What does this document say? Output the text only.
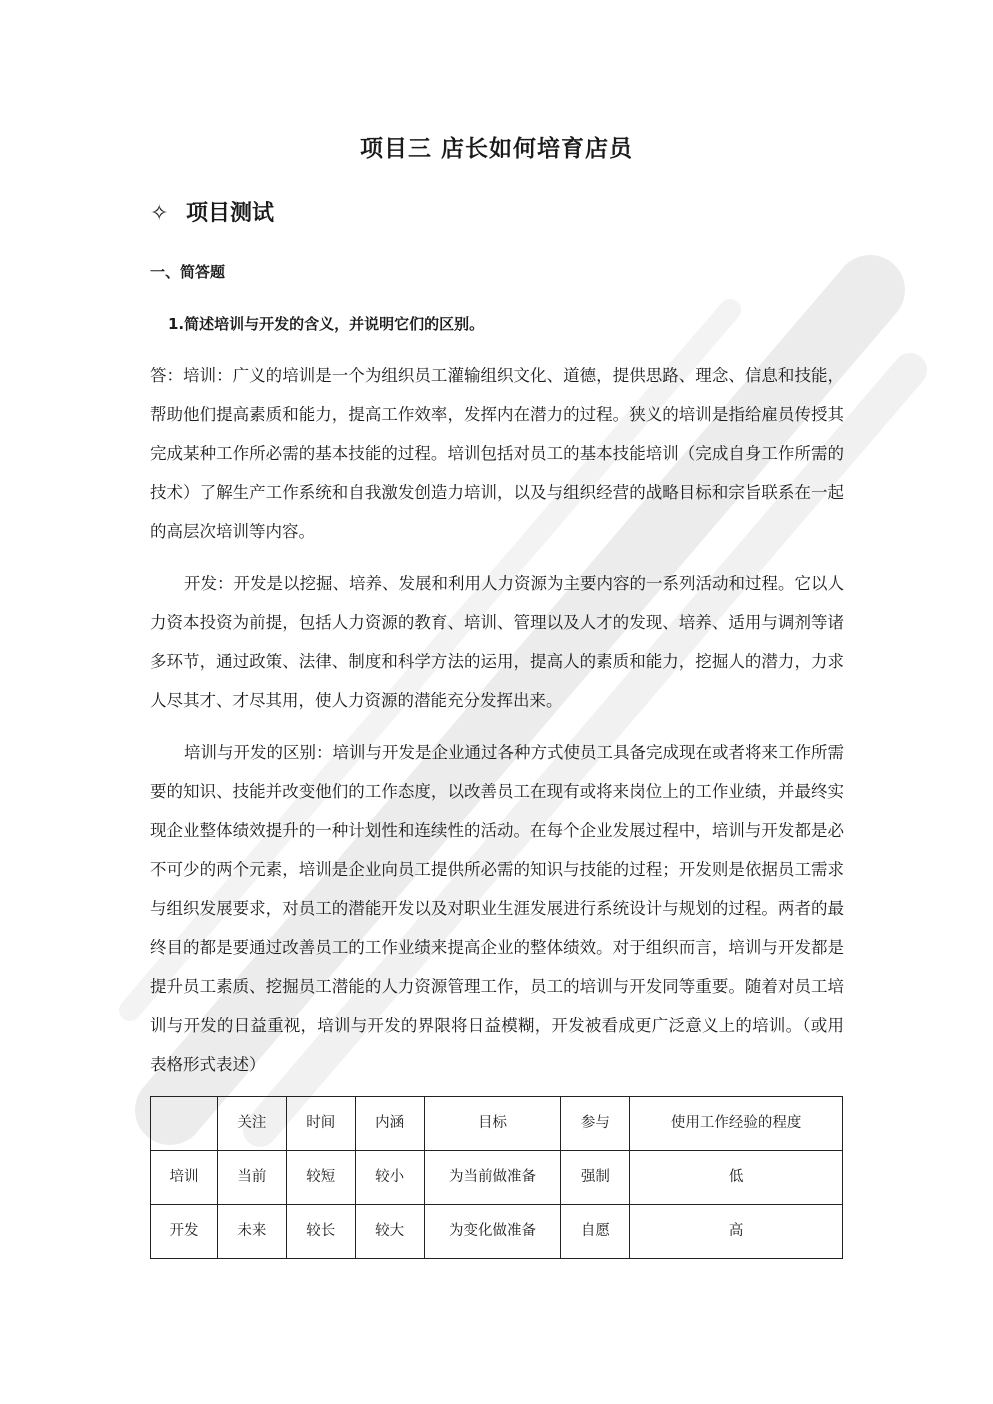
项目三 店长如何培育店员
✧ 项目测试
一、简答题
1.简述培训与开发的含义，并说明它们的区别。

答：培训：广义的培训是一个为组织员工灌输组织文化、道德，提供思路、理念、信息和技能，帮助他们提高素质和能力，提高工作效率，发挥内在潜力的过程。狭义的培训是指给雇员传授其完成某种工作所必需的基本技能的过程。培训包括对员工的基本技能培训（完成自身工作所需的技术）了解生产工作系统和自我激发创造力培训，以及与组织经营的战略目标和宗旨联系在一起的高层次培训等内容。

开发：开发是以挖掘、培养、发展和利用人力资源为主要内容的一系列活动和过程。它以人力资本投资为前提，包括人力资源的教育、培训、管理以及人才的发现、培养、适用与调剂等诸多环节，通过政策、法律、制度和科学方法的运用，提高人的素质和能力，挖掘人的潜力，力求人尽其才、才尽其用，使人力资源的潜能充分发挥出来。

培训与开发的区别：培训与开发是企业通过各种方式使员工具备完成现在或者将来工作所需要的知识、技能并改变他们的工作态度，以改善员工在现有或将来岗位上的工作业绩，并最终实现企业整体绩效提升的一种计划性和连续性的活动。在每个企业发展过程中，培训与开发都是必不可少的两个元素，培训是企业向员工提供所必需的知识与技能的过程；开发则是依据员工需求与组织发展要求，对员工的潜能开发以及对职业生涯发展进行系统设计与规划的过程。两者的最终目的都是要通过改善员工的工作业绩来提高企业的整体绩效。对于组织而言，培训与开发都是提升员工素质、挖掘员工潜能的人力资源管理工作，员工的培训与开发同等重要。随着对员工培训与开发的日益重视，培训与开发的界限将日益模糊，开发被看成更广泛意义上的培训。（或用表格形式表述）

	关注	时间	内涵	目标	参与	使用工作经验的程度
培训	当前	较短	较小	为当前做准备	强制	低
开发	未来	较长	较大	为变化做准备	自愿	高
